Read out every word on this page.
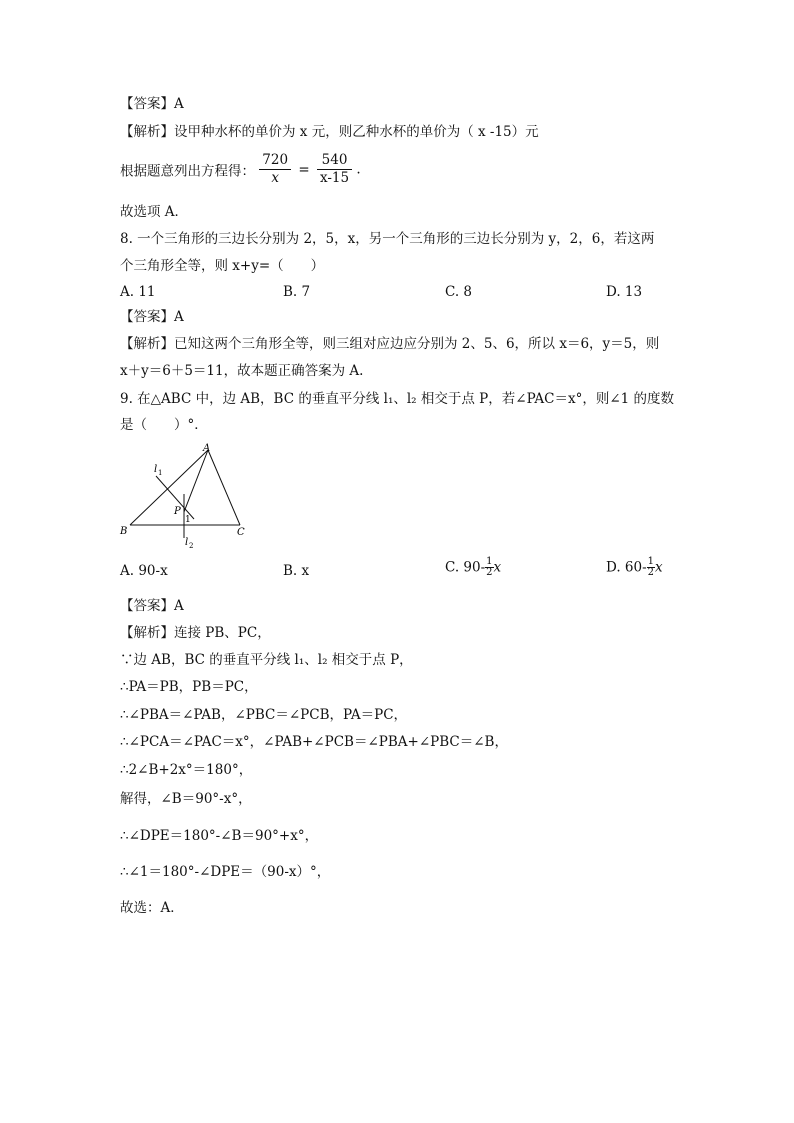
【答案】A
【解析】设甲种水杯的单价为 x 元，则乙种水杯的单价为（ x -15）元
根据题意列出方程得： $\frac{720}{x} = \frac{540}{x-15}$ .
故选项 A．
8. 一个三角形的三边长分别为 2，5，x，另一个三角形的三边长分别为 y，2，6，若这两
个三角形全等，则 x+y=（　　）
A. 11	B. 7	C. 8	D. 13
【答案】A
【解析】已知这两个三角形全等，则三组对应边应分别为 2、5、6，所以 x＝6，y＝5，则
x＋y＝6＋5＝11，故本题正确答案为 A.
9. 在△ABC 中，边 AB，BC 的垂直平分线 l₁、l₂ 相交于点 P，若∠PAC＝x°，则∠1 的度数
是（　　）°．
A
B	C
P
1
l 1
l 2
A. 90-x	B. x	C. $90- \frac{1}{2}$ x	D. $60- \frac{1}{2}$ x
【答案】A
【解析】连接 PB、PC，
∵边 AB，BC 的垂直平分线 l₁、l₂ 相交于点 P，
∴PA＝PB，PB＝PC，
∴∠PBA＝∠PAB，∠PBC＝∠PCB，PA＝PC，
∴∠PCA＝∠PAC＝x°，∠PAB+∠PCB＝∠PBA+∠PBC＝∠B，
∴2∠B+2x°＝180°，
解得，∠B＝90°-x°，
∴∠DPE＝180°-∠B＝90°+x°，
∴∠1＝180°-∠DPE＝（90-x）°，
故选：A．
